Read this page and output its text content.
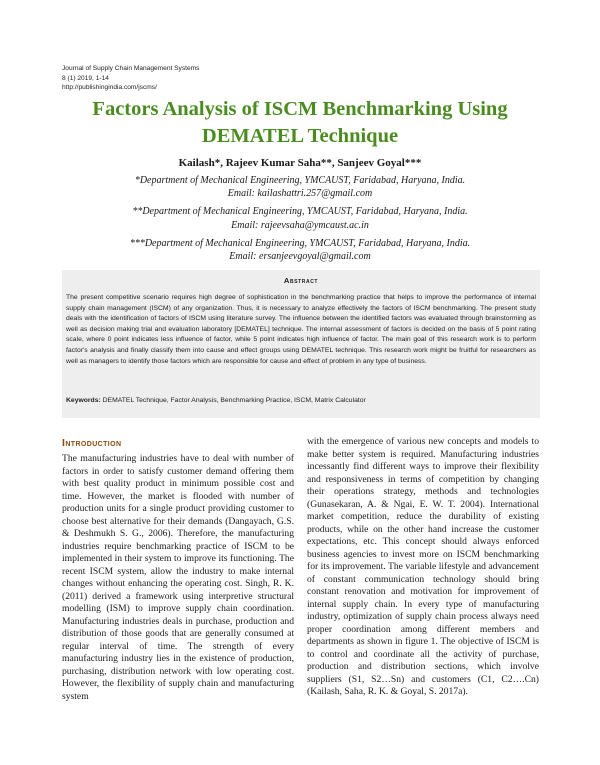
Journal of Supply Chain Management Systems
8 (1) 2019, 1-14
http://publishingindia.com/jscms/
Factors Analysis of ISCM Benchmarking Using DEMATEL Technique
Kailash*, Rajeev Kumar Saha**, Sanjeev Goyal***
*Department of Mechanical Engineering, YMCAUST, Faridabad, Haryana, India.
Email: kailashattri.257@gmail.com
**Department of Mechanical Engineering, YMCAUST, Faridabad, Haryana, India.
Email: rajeevsaha@ymcaust.ac.in
***Department of Mechanical Engineering, YMCAUST, Faridabad, Haryana, India.
Email: ersanjeevgoyal@gmail.com
Abstract
The present competitive scenario requires high degree of sophistication in the benchmarking practice that helps to improve the performance of internal supply chain management (ISCM) of any organization. Thus, it is necessary to analyze effectively the factors of ISCM benchmarking. The present study deals with the identification of factors of ISCM using literature survey. The influence between the identified factors was evaluated through brainstorming as well as decision making trial and evaluation laboratory [DEMATEL] technique. The internal assessment of factors is decided on the basis of 5 point rating scale, where 0 point indicates less influence of factor, while 5 point indicates high influence of factor. The main goal of this research work is to perform factor's analysis and finally classify them into cause and effect groups using DEMATEL technique. This research work might be fruitful for researchers as well as managers to identify those factors which are responsible for cause and effect of problem in any type of business.
Keywords: DEMATEL Technique, Factor Analysis, Benchmarking Practice, ISCM, Matrix Calculator
Introduction
The manufacturing industries have to deal with number of factors in order to satisfy customer demand offering them with best quality product in minimum possible cost and time. However, the market is flooded with number of production units for a single product providing customer to choose best alternative for their demands (Dangayach, G.S. & Deshmukh S. G., 2006). Therefore, the manufacturing industries require benchmarking practice of ISCM to be implemented in their system to improve its functioning. The recent ISCM system, allow the industry to make internal changes without enhancing the operating cost. Singh, R. K. (2011) derived a framework using interpretive structural modelling (ISM) to improve supply chain coordination. Manufacturing industries deals in purchase, production and distribution of those goods that are generally consumed at regular interval of time. The strength of every manufacturing industry lies in the existence of production, purchasing, distribution network with low operating cost. However, the flexibility of supply chain and manufacturing system
with the emergence of various new concepts and models to make better system is required. Manufacturing industries incessantly find different ways to improve their flexibility and responsiveness in terms of competition by changing their operations strategy, methods and technologies (Gunasekaran, A. & Ngai, E. W. T. 2004). International market competition, reduce the durability of existing products, while on the other hand increase the customer expectations, etc. This concept should always enforced business agencies to invest more on ISCM benchmarking for its improvement. The variable lifestyle and advancement of constant communication technology should bring constant renovation and motivation for improvement of internal supply chain. In every type of manufacturing industry, optimization of supply chain process always need proper coordination among different members and departments as shown in figure 1. The objective of ISCM is to control and coordinate all the activity of purchase, production and distribution sections, which involve suppliers (S1, S2…Sn) and customers (C1, C2….Cn) (Kailash, Saha, R. K. & Goyal, S. 2017a).
